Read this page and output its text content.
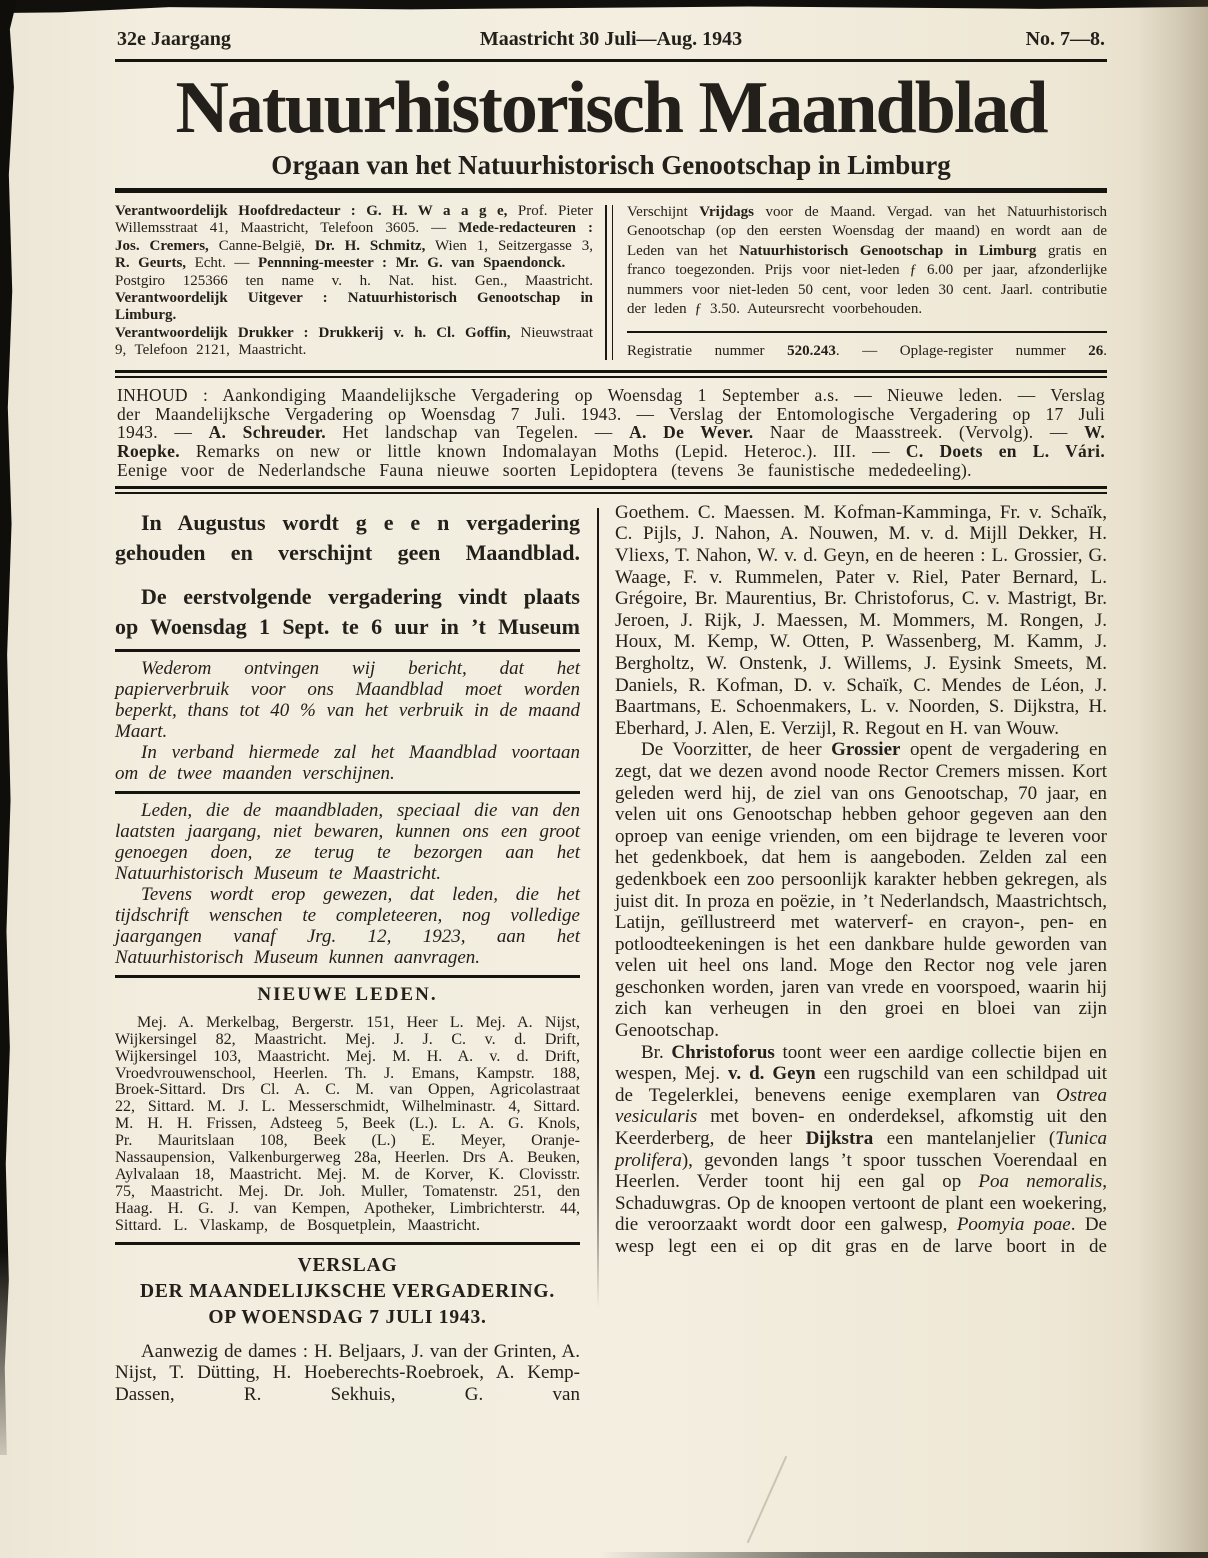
32e Jaargang	Maastricht 30 Juli—Aug. 1943	No. 7—8.
Natuurhistorisch Maandblad
Orgaan van het Natuurhistorisch Genootschap in Limburg

Verantwoordelijk Hoofdredacteur : G. H. W a a g e, Prof. Pieter Willemsstraat 41, Maastricht, Telefoon 3605. — Mede-redacteuren : Jos. Cremers, Canne-België, Dr. H. Schmitz, Wien 1, Seitzergasse 3, R. Geurts, Echt. — Pennning-meester : Mr. G. van Spaendonck.

Postgiro 125366 ten name v. h. Nat. hist. Gen., Maastricht.

Verantwoordelijk Uitgever : Natuurhistorisch Genootschap in Limburg.

Verantwoordelijk Drukker : Drukkerij v. h. Cl. Goffin, Nieuwstraat 9, Telefoon 2121, Maastricht.

Verschijnt Vrijdags voor de Maand. Vergad. van het Natuurhistorisch Genootschap (op den eersten Woensdag der maand) en wordt aan de Leden van het Natuurhistorisch Genootschap in Limburg gratis en franco toegezonden. Prijs voor niet-leden ƒ 6.00 per jaar, afzonderlijke nummers voor niet-leden 50 cent, voor leden 30 cent. Jaarl. contributie der leden ƒ 3.50. Auteursrecht voorbehouden.

Registratie nummer 520.243. — Oplage-register nummer 26.

INHOUD : Aankondiging Maandelijksche Vergadering op Woensdag 1 September a.s. — Nieuwe leden. — Verslag der Maandelijksche Vergadering op Woensdag 7 Juli. 1943. — Verslag der Entomologische Vergadering op 17 Juli 1943. — A. Schreuder. Het landschap van Tegelen. — A. De Wever. Naar de Maasstreek. (Vervolg). — W. Roepke. Remarks on new or little known Indomalayan Moths (Lepid. Heteroc.). III. — C. Doets en L. Vári. Eenige voor de Nederlandsche Fauna nieuwe soorten Lepidoptera (tevens 3e faunistische mededeeling).

In Augustus wordt g e e n vergadering
gehouden en verschijnt geen Maandblad.
De eerstvolgende vergadering vindt plaats
op Woensdag 1 Sept. te 6 uur in ’t Museum

Wederom ontvingen wij bericht, dat het papierverbruik voor ons Maandblad moet worden beperkt, thans tot 40 % van het verbruik in de maand Maart.

In verband hiermede zal het Maandblad voortaan om de twee maanden verschijnen.

Leden, die de maandbladen, speciaal die van den laatsten jaargang, niet bewaren, kunnen ons een groot genoegen doen, ze terug te bezorgen aan het Natuurhistorisch Museum te Maastricht.

Tevens wordt erop gewezen, dat leden, die het tijdschrift wenschen te completeeren, nog volledige jaargangen vanaf Jrg. 12, 1923, aan het Natuurhistorisch Museum kunnen aanvragen.

NIEUWE LEDEN.

Mej. A. Merkelbag, Bergerstr. 151, Heer L. Mej. A. Nijst, Wijkersingel 82, Maastricht. Mej. J. J. C. v. d. Drift, Wijkersingel 103, Maastricht. Mej. M. H. A. v. d. Drift, Vroedvrouwenschool, Heerlen. Th. J. Emans, Kampstr. 188, Broek-Sittard. Drs Cl. A. C. M. van Oppen, Agricolastraat 22, Sittard. M. J. L. Messerschmidt, Wilhelminastr. 4, Sittard. M. H. H. Frissen, Adsteeg 5, Beek (L.). L. A. G. Knols, Pr. Mauritslaan 108, Beek (L.) E. Meyer, Oranje-Nassaupension, Valkenburgerweg 28a, Heerlen. Drs A. Beuken, Aylvalaan 18, Maastricht. Mej. M. de Korver, K. Clovisstr. 75, Maastricht. Mej. Dr. Joh. Muller, Tomatenstr. 251, den Haag. H. G. J. van Kempen, Apotheker, Limbrichterstr. 44, Sittard. L. Vlaskamp, de Bosquetplein, Maastricht.

VERSLAG
DER MAANDELIJKSCHE VERGADERING.
OP WOENSDAG 7 JULI 1943.

Aanwezig de dames : H. Beljaars, J. van der Grinten, A. Nijst, T. Dütting, H. Hoeberechts-Roebroek, A. Kemp-Dassen, R. Sekhuis, G. van

Goethem. C. Maessen. M. Kofman-Kamminga, Fr. v. Schaïk, C. Pijls, J. Nahon, A. Nouwen, M. v. d. Mijll Dekker, H. Vliexs, T. Nahon, W. v. d. Geyn, en de heeren : L. Grossier, G. Waage, F. v. Rummelen, Pater v. Riel, Pater Bernard, L. Grégoire, Br. Maurentius, Br. Christoforus, C. v. Mastrigt, Br. Jeroen, J. Rijk, J. Maessen, M. Mommers, M. Rongen, J. Houx, M. Kemp, W. Otten, P. Wassenberg, M. Kamm, J. Bergholtz, W. Onstenk, J. Willems, J. Eysink Smeets, M. Daniels, R. Kofman, D. v. Schaïk, C. Mendes de Léon, J. Baartmans, E. Schoenmakers, L. v. Noorden, S. Dijkstra, H. Eberhard, J. Alen, E. Verzijl, R. Regout en H. van Wouw.

De Voorzitter, de heer Grossier opent de vergadering en zegt, dat we dezen avond noode Rector Cremers missen. Kort geleden werd hij, de ziel van ons Genootschap, 70 jaar, en velen uit ons Genootschap hebben gehoor gegeven aan den oproep van eenige vrienden, om een bijdrage te leveren voor het gedenkboek, dat hem is aangeboden. Zelden zal een gedenkboek een zoo persoonlijk karakter hebben gekregen, als juist dit. In proza en poëzie, in ’t Nederlandsch, Maastrichtsch, Latijn, geïllustreerd met waterverf- en crayon-, pen- en potloodteekeningen is het een dankbare hulde geworden van velen uit heel ons land. Moge den Rector nog vele jaren geschonken worden, jaren van vrede en voorspoed, waarin hij zich kan verheugen in den groei en bloei van zijn Genootschap.

Br. Christoforus toont weer een aardige collectie bijen en wespen, Mej. v. d. Geyn een rugschild van een schildpad uit de Tegelerklei, benevens eenige exemplaren van Ostrea vesicularis met boven- en onderdeksel, afkomstig uit den Keerderberg, de heer Dijkstra een mantelanjelier (Tunica prolifera), gevonden langs ’t spoor tusschen Voerendaal en Heerlen. Verder toont hij een gal op Poa nemoralis, Schaduwgras. Op de knoopen vertoont de plant een woekering, die veroorzaakt wordt door een galwesp, Poomyia poae. De wesp legt een ei op dit gras en de larve boort in de
